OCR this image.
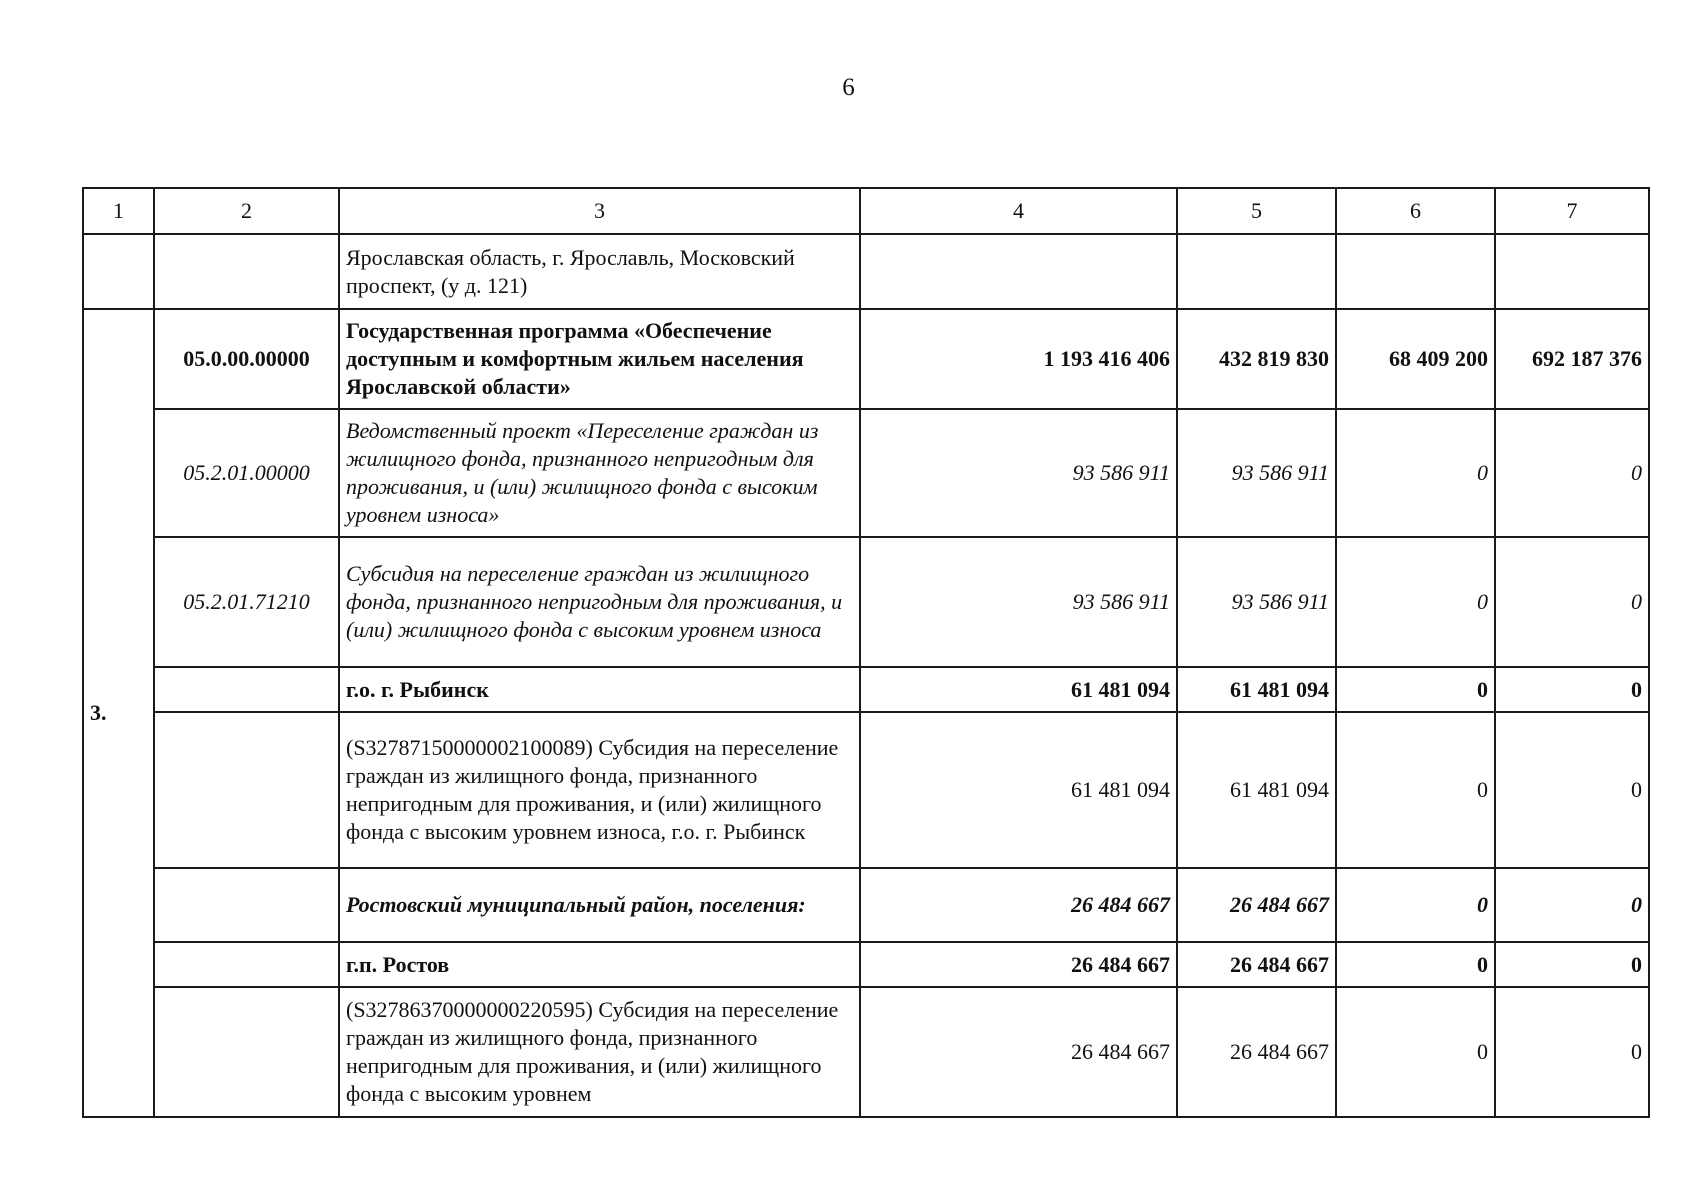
6
1	2	3	4	5	6	7
		Ярославская область, г. Ярославль, Московский проспект, (у д. 121)				
3.	05.0.00.00000	Государственная программа «Обеспечение доступным и комфортным жильем населения Ярославской области»	1 193 416 406	432 819 830	68 409 200	692 187 376
	05.2.01.00000	Ведомственный проект «Переселение граждан из жилищного фонда, признанного непригодным для проживания, и (или) жилищного фонда с высоким уровнем износа»	93 586 911	93 586 911	0	0
	05.2.01.71210	Субсидия на переселение граждан из жилищного фонда, признанного непригодным для проживания, и (или) жилищного фонда с высоким уровнем износа	93 586 911	93 586 911	0	0
		г.о. г. Рыбинск	61 481 094	61 481 094	0	0
		(S32787150000002100089) Субсидия на переселение граждан из жилищного фонда, признанного непригодным для проживания, и (или) жилищного фонда с высоким уровнем износа, г.о. г. Рыбинск	61 481 094	61 481 094	0	0
		Ростовский муниципальный район, поселения:	26 484 667	26 484 667	0	0
		г.п. Ростов	26 484 667	26 484 667	0	0
		(S32786370000000220595) Субсидия на переселение граждан из жилищного фонда, признанного непригодным для проживания, и (или) жилищного фонда с высоким уровнем	26 484 667	26 484 667	0	0
